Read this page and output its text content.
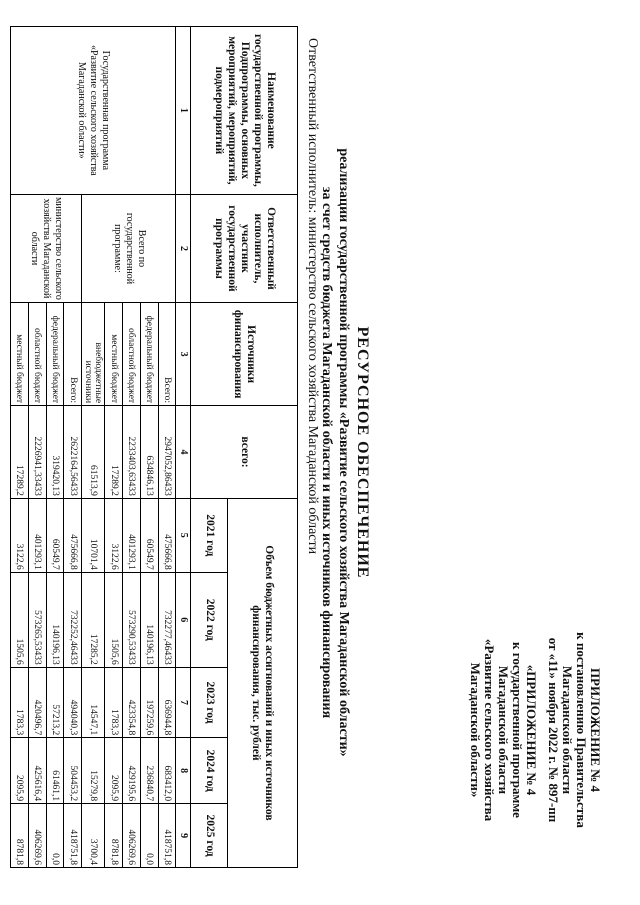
ПРИЛОЖЕНИЕ № 4
к постановлению Правительства
Магаданской области
от «11» ноября 2022 г. № 897-пп
«ПРИЛОЖЕНИЕ № 4
к государственной программе
Магаданской области
«Развитие сельского хозяйства
Магаданской области»
РЕСУРСНОЕ ОБЕСПЕЧЕНИЕ
реализации государственной программы «Развитие сельского хозяйства Магаданской области»
за счет средств бюджета Магаданской области и иных источников финансирования
Ответственный исполнитель: министерство сельского хозяйства Магаданской области
Наименование государственной программы, Подпрограммы, основных мероприятий, мероприятий, подмероприятий	Ответственный исполнитель, участник государственной программы	Источники финансирования	всего:	Объем бюджетных ассигнований и иных источников финансирования, тыс. рублей				
				2021 год	2022 год	2023 год	2024 год	2025 год
1	2	3	4	5	6	7	8	9
Государственная программа «Развитие сельского хозяйства Магаданской области»	Всего по государственной программе:	Всего:	2947052,86433	475666,8	732277,46433	636944,8	683412,0	418751,8
		федеральный бюджет	634846,13	60549,7	140196,13	197259,6	236840,7	0,0
		областной бюджет	2233403,63433	401293,1	573290,53433	423354,8	429195,6	406269,6
		местный бюджет	17289,2	3122,6	1505,6	1783,3	2095,9	8781,8
		внебюджетные источники	61513,9	10701,4	17285,2	14547,1	15279,8	3700,4
	министерство сельского хозяйства Магаданской области	Всего:	2622164,56433	475666,8	732252,46433	494040,3	504453,2	418751,8
		федеральный бюджет	319420,13	60549,7	140196,13	57213,2	61461,1	0,0
		областной бюджет	2226941,33433	401293,1	573265,53433	420496,7	425616,4	406269,6
		местный бюджет	17289,2	3122,6	1505,6	1783,3	2095,9	8781,8
